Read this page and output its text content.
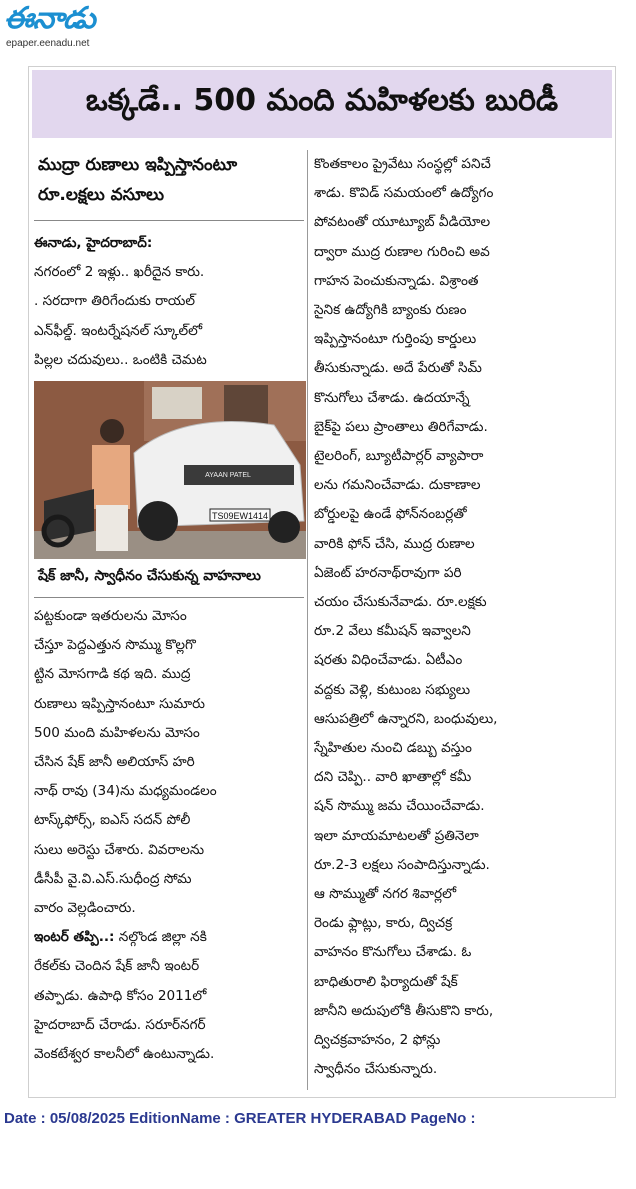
ఈనాడు
epaper.eenadu.net
ఒక్కడే.. 500 మంది మహిళలకు బురిడీ
ముద్రా రుణాలు ఇప్పిస్తానంటూ
రూ.లక్షలు వసూలు
ఈనాడు, హైదరాబాద్:
నగరంలో 2 ఇళ్లు.. ఖరీదైన కారు.
. సరదాగా తిరిగేందుకు రాయల్
ఎన్‌ఫీల్డ్. ఇంటర్నేషనల్ స్కూల్‌లో
పిల్లల చదువులు.. ఒంటికి చెమట
TS09EW1414
AYAAN PATEL
షేక్ జానీ, స్వాధీనం చేసుకున్న వాహనాలు
పట్టకుండా ఇతరులను మోసం
చేస్తూ పెద్దఎత్తున సొమ్ము కొల్లగొ
ట్టిన మోసగాడి కథ ఇది. ముద్ర
రుణాలు ఇప్పిస్తానంటూ సుమారు
500 మంది మహిళలను మోసం
చేసిన షేక్ జానీ అలియాస్ హరి
నాథ్ రావు (34)ను మధ్యమండలం
టాస్క్‌ఫోర్స్, ఐఎస్ సదన్ పోలీ
సులు అరెస్టు చేశారు. వివరాలను
డీసీపీ వై.వి.ఎస్.సుధీంద్ర సోమ
వారం వెల్లడించారు.
ఇంటర్ తప్పి..: నల్గొండ జిల్లా నకి
రేకల్‌కు చెందిన షేక్ జానీ ఇంటర్
తప్పాడు. ఉపాధి కోసం 2011లో
హైదరాబాద్ చేరాడు. సరూర్‌నగర్
వెంకటేశ్వర కాలనీలో ఉంటున్నాడు.
కొంతకాలం ప్రైవేటు సంస్థల్లో పనిచే
శాడు. కొవిడ్ సమయంలో ఉద్యోగం
పోవటంతో యూట్యూబ్ వీడియోల
ద్వారా ముద్ర రుణాల గురించి అవ
గాహన పెంచుకున్నాడు. విశ్రాంత
సైనిక ఉద్యోగికి బ్యాంకు రుణం
ఇప్పిస్తానంటూ గుర్తింపు కార్డులు
తీసుకున్నాడు. అదే పేరుతో సిమ్
కొనుగోలు చేశాడు. ఉదయాన్నే
బైక్‌పై పలు ప్రాంతాలు తిరిగేవాడు.
టైలరింగ్, బ్యూటీపార్లర్ వ్యాపారా
లను గమనించేవాడు. దుకాణాల
బోర్డులపై ఉండే ఫోన్‌నంబర్లతో
వారికి ఫోన్ చేసి, ముద్ర రుణాల
ఏజెంట్ హరనాథ్‌రావుగా పరి
చయం చేసుకునేవాడు. రూ.లక్షకు
రూ.2 వేలు కమీషన్ ఇవ్వాలని
షరతు విధించేవాడు. ఏటీఎం
వద్దకు వెళ్లి, కుటుంబ సభ్యులు
ఆసుపత్రిలో ఉన్నారని, బంధువులు,
స్నేహితుల నుంచి డబ్బు వస్తుం
దని చెప్పి.. వారి ఖాతాల్లో కమీ
షన్ సొమ్ము జమ చేయించేవాడు.
ఇలా మాయమాటలతో ప్రతినెలా
రూ.2-3 లక్షలు సంపాదిస్తున్నాడు.
ఆ సొమ్ముతో నగర శివార్లలో
రెండు ఫ్లాట్లు, కారు, ద్విచక్ర
వాహనం కొనుగోలు చేశాడు. ఓ
బాధితురాలి ఫిర్యాదుతో షేక్
జానీని అదుపులోకి తీసుకొని కారు,
ద్విచక్రవాహనం, 2 ఫోన్లు
స్వాధీనం చేసుకున్నారు.
Date : 05/08/2025 EditionName : GREATER HYDERABAD PageNo :
